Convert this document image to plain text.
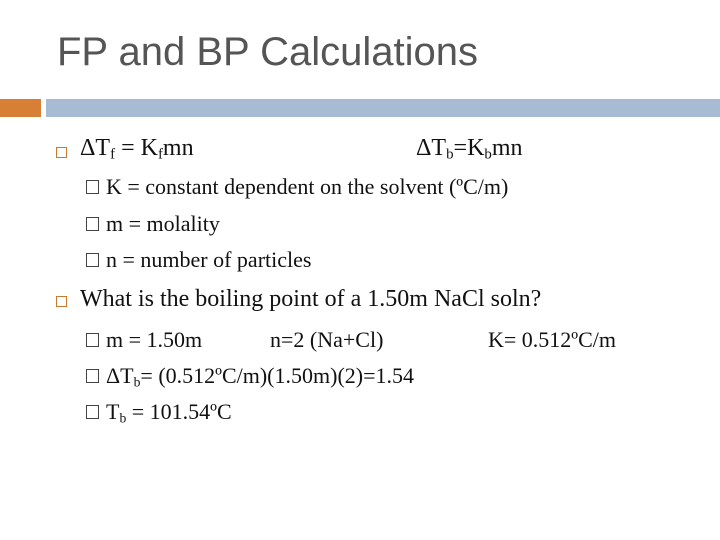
FP and BP Calculations
$\Delta T_f = K_fmn$	$\Delta T_b=K_bmn$
K = constant dependent on the solvent (ºC/m)
m = molality
n = number of particles
What is the boiling point of a 1.50m NaCl soln?
m = 1.50m	n=2 (Na+Cl)	K= 0.512ºC/m
$\Delta T_b=$ (0.512ºC/m)(1.50m)(2)=1.54
$T_b$ = 101.54ºC
